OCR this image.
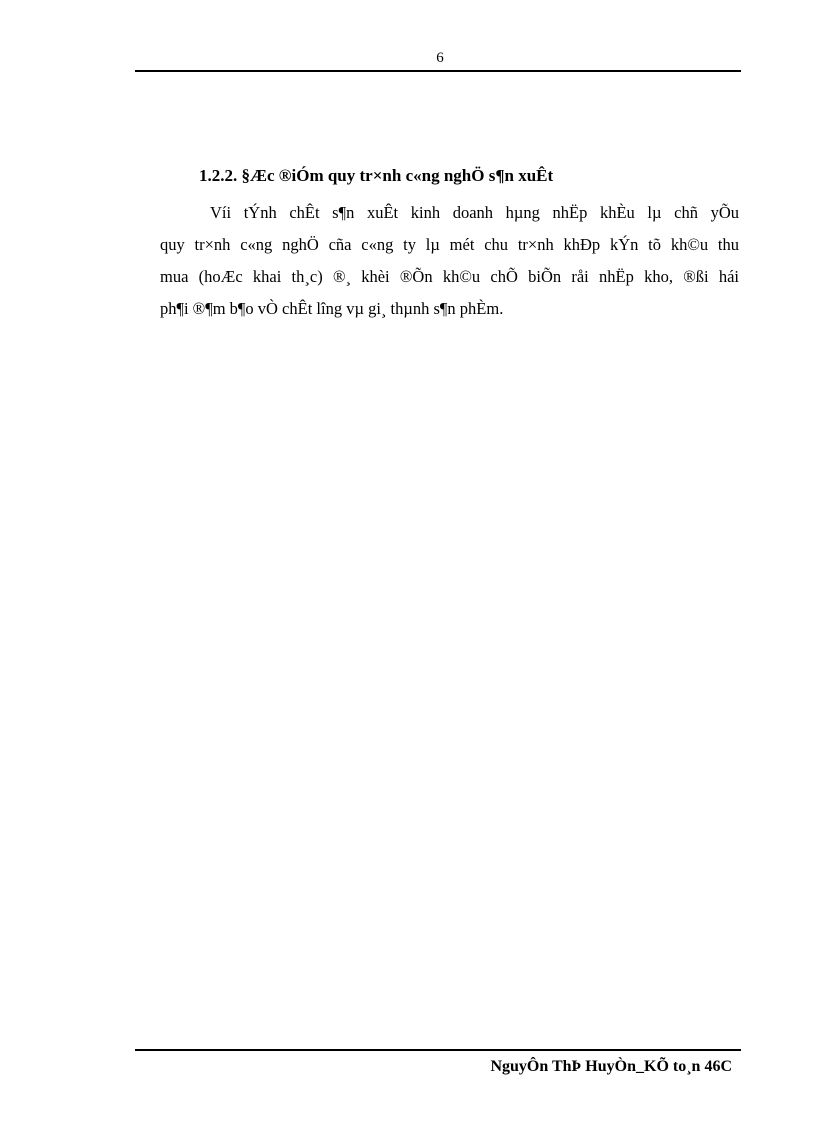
6
1.2.2. §Æc ®iÓm quy tr×nh c«ng nghÖ s¶n xuÊt
Víi tÝnh chÊt s¶n xuÊt kinh doanh hµng nhËp khÈu lµ chñ yÕu
quy tr×nh c«ng nghÖ cña c«ng ty lµ mét chu tr×nh khÐp kÝn tõ kh©u thu
mua (hoÆc khai th¸c) ®¸ khèi ®Õn kh©u chÕ biÕn råi nhËp kho, ®ßi hái
ph¶i ®¶m b¶o vÒ chÊt lîng vµ gi¸ thµnh s¶n phÈm.
NguyÔn ThÞ HuyÒn_KÕ to¸n 46C
